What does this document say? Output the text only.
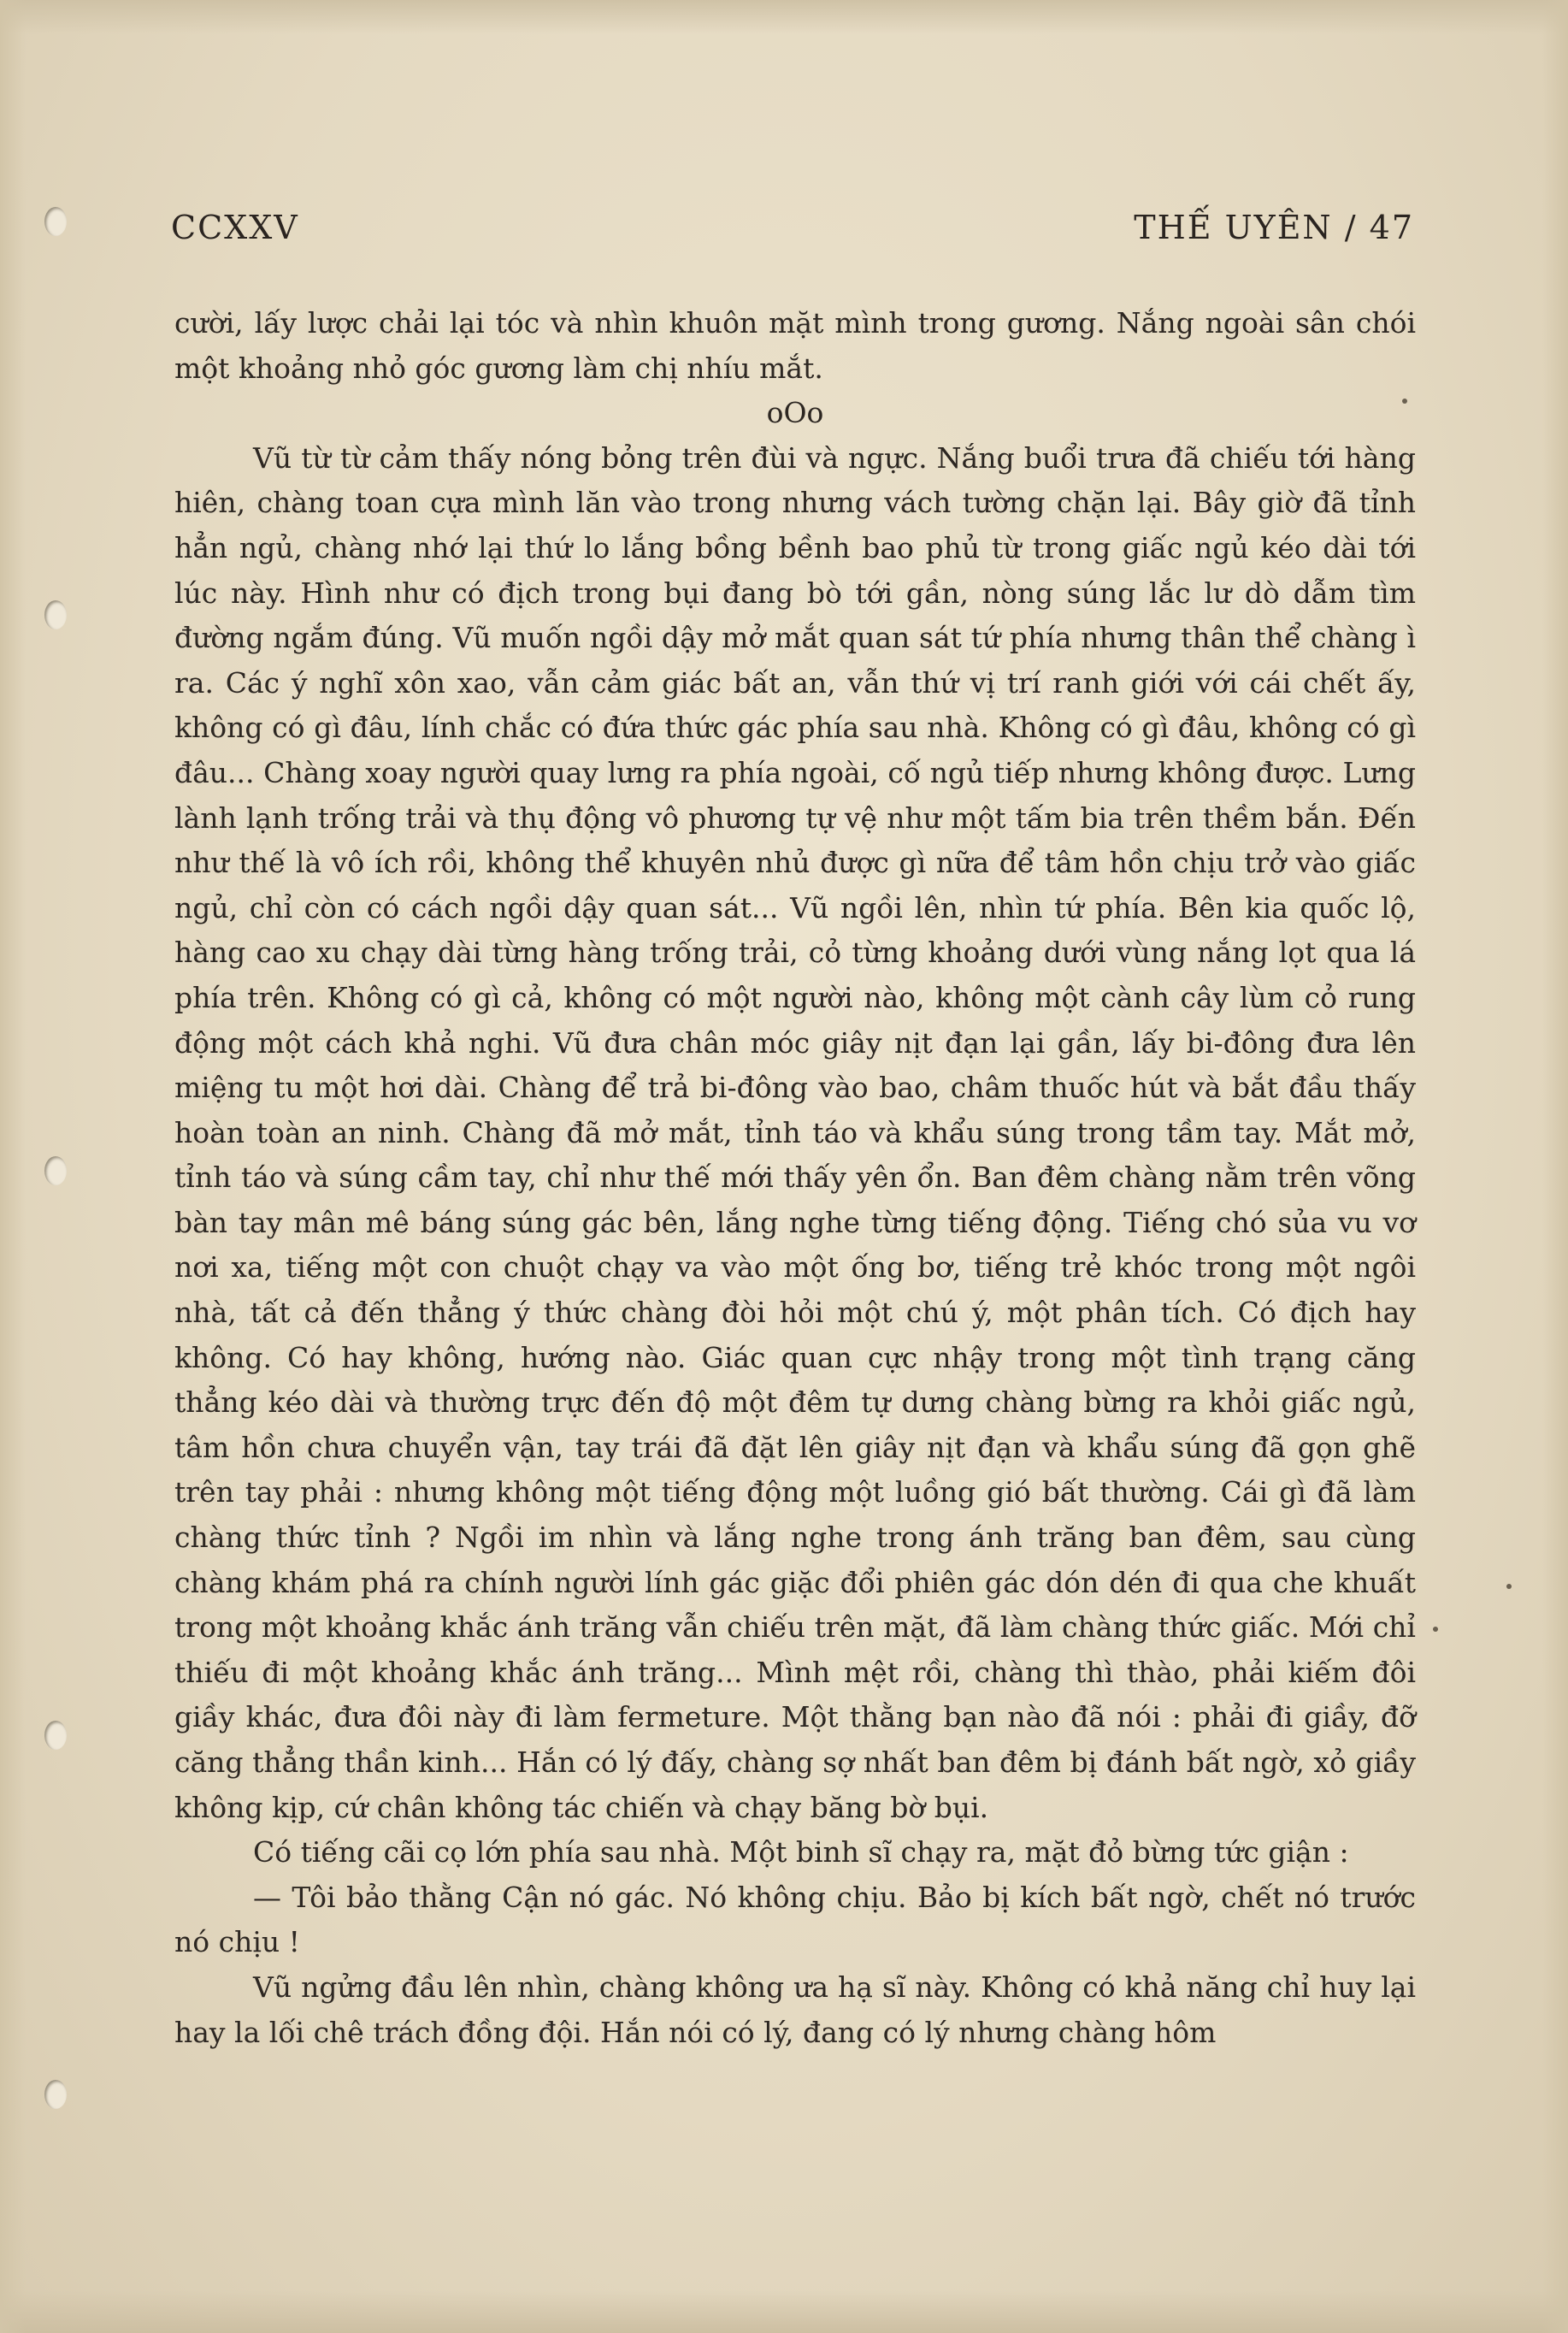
CCXXV	THẾ UYÊN / 47

cười, lấy lược chải lại tóc và nhìn khuôn mặt mình trong gương. Nắng ngoài sân chói một khoảng nhỏ góc gương làm chị nhíu mắt.

oOo

Vũ từ từ cảm thấy nóng bỏng trên đùi và ngực. Nắng buổi trưa đã chiếu tới hàng hiên, chàng toan cựa mình lăn vào trong nhưng vách tường chặn lại. Bây giờ đã tỉnh hẳn ngủ, chàng nhớ lại thứ lo lắng bồng bềnh bao phủ từ trong giấc ngủ kéo dài tới lúc này. Hình như có địch trong bụi đang bò tới gần, nòng súng lắc lư dò dẫm tìm đường ngắm đúng. Vũ muốn ngồi dậy mở mắt quan sát tứ phía nhưng thân thể chàng ì ra. Các ý nghĩ xôn xao, vẫn cảm giác bất an, vẫn thứ vị trí ranh giới với cái chết ấy, không có gì đâu, lính chắc có đứa thức gác phía sau nhà. Không có gì đâu, không có gì đâu... Chàng xoay người quay lưng ra phía ngoài, cố ngủ tiếp nhưng không được. Lưng lành lạnh trống trải và thụ động vô phương tự vệ như một tấm bia trên thềm bắn. Đến như thế là vô ích rồi, không thể khuyên nhủ được gì nữa để tâm hồn chịu trở vào giấc ngủ, chỉ còn có cách ngồi dậy quan sát... Vũ ngồi lên, nhìn tứ phía. Bên kia quốc lộ, hàng cao xu chạy dài từng hàng trống trải, cỏ từng khoảng dưới vùng nắng lọt qua lá phía trên. Không có gì cả, không có một người nào, không một cành cây lùm cỏ rung động một cách khả nghi. Vũ đưa chân móc giây nịt đạn lại gần, lấy bi-đông đưa lên miệng tu một hơi dài. Chàng để trả bi-đông vào bao, châm thuốc hút và bắt đầu thấy hoàn toàn an ninh. Chàng đã mở mắt, tỉnh táo và khẩu súng trong tầm tay. Mắt mở, tỉnh táo và súng cầm tay, chỉ như thế mới thấy yên ổn. Ban đêm chàng nằm trên võng bàn tay mân mê báng súng gác bên, lắng nghe từng tiếng động. Tiếng chó sủa vu vơ nơi xa, tiếng một con chuột chạy va vào một ống bơ, tiếng trẻ khóc trong một ngôi nhà, tất cả đến thẳng ý thức chàng đòi hỏi một chú ý, một phân tích. Có địch hay không. Có hay không, hướng nào. Giác quan cực nhậy trong một tình trạng căng thẳng kéo dài và thường trực đến độ một đêm tự dưng chàng bừng ra khỏi giấc ngủ, tâm hồn chưa chuyển vận, tay trái đã đặt lên giây nịt đạn và khẩu súng đã gọn ghẽ trên tay phải : nhưng không một tiếng động một luồng gió bất thường. Cái gì đã làm chàng thức tỉnh ? Ngồi im nhìn và lắng nghe trong ánh trăng ban đêm, sau cùng chàng khám phá ra chính người lính gác giặc đổi phiên gác dón dén đi qua che khuất trong một khoảng khắc ánh trăng vẫn chiếu trên mặt, đã làm chàng thức giấc. Mới chỉ thiếu đi một khoảng khắc ánh trăng... Mình mệt rồi, chàng thì thào, phải kiếm đôi giầy khác, đưa đôi này đi làm fermeture. Một thằng bạn nào đã nói : phải đi giầy, đỡ căng thẳng thần kinh... Hắn có lý đấy, chàng sợ nhất ban đêm bị đánh bất ngờ, xỏ giầy không kịp, cứ chân không tác chiến và chạy băng bờ bụi.

Có tiếng cãi cọ lớn phía sau nhà. Một binh sĩ chạy ra, mặt đỏ bừng tức giận :

— Tôi bảo thằng Cận nó gác. Nó không chịu. Bảo bị kích bất ngờ, chết nó trước nó chịu !

Vũ ngửng đầu lên nhìn, chàng không ưa hạ sĩ này. Không có khả năng chỉ huy lại hay la lối chê trách đồng đội. Hắn nói có lý, đang có lý nhưng chàng hôm
